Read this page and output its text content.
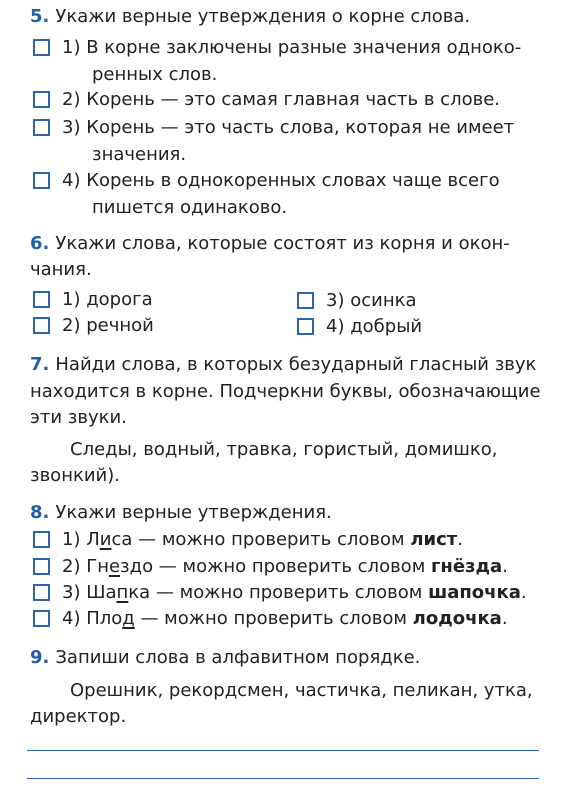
5. Укажи верные утверждения о корне слова.
1) В корне заключены разные значения одноко-
ренных слов.
2) Корень — это самая главная часть в слове.
3) Корень — это часть слова, которая не имеет
значения.
4) Корень в однокоренных словах чаще всего
пишется одинаково.
6. Укажи слова, которые состоят из корня и окон-
чания.
1) дорога
2) речной
3) осинка
4) добрый
7. Найди слова, в которых безударный гласный звук
находится в корне. Подчеркни буквы, обозначающие
эти звуки.
Следы, водный, травка, гористый, домишко,
звонкий).
8. Укажи верные утверждения.
1) Лиса — можно проверить словом лист.
2) Гнездо — можно проверить словом гнёзда.
3) Шапка — можно проверить словом шапочка.
4) Плод — можно проверить словом лодочка.
9. Запиши слова в алфавитном порядке.
Орешник, рекордсмен, частичка, пеликан, утка,
директор.
